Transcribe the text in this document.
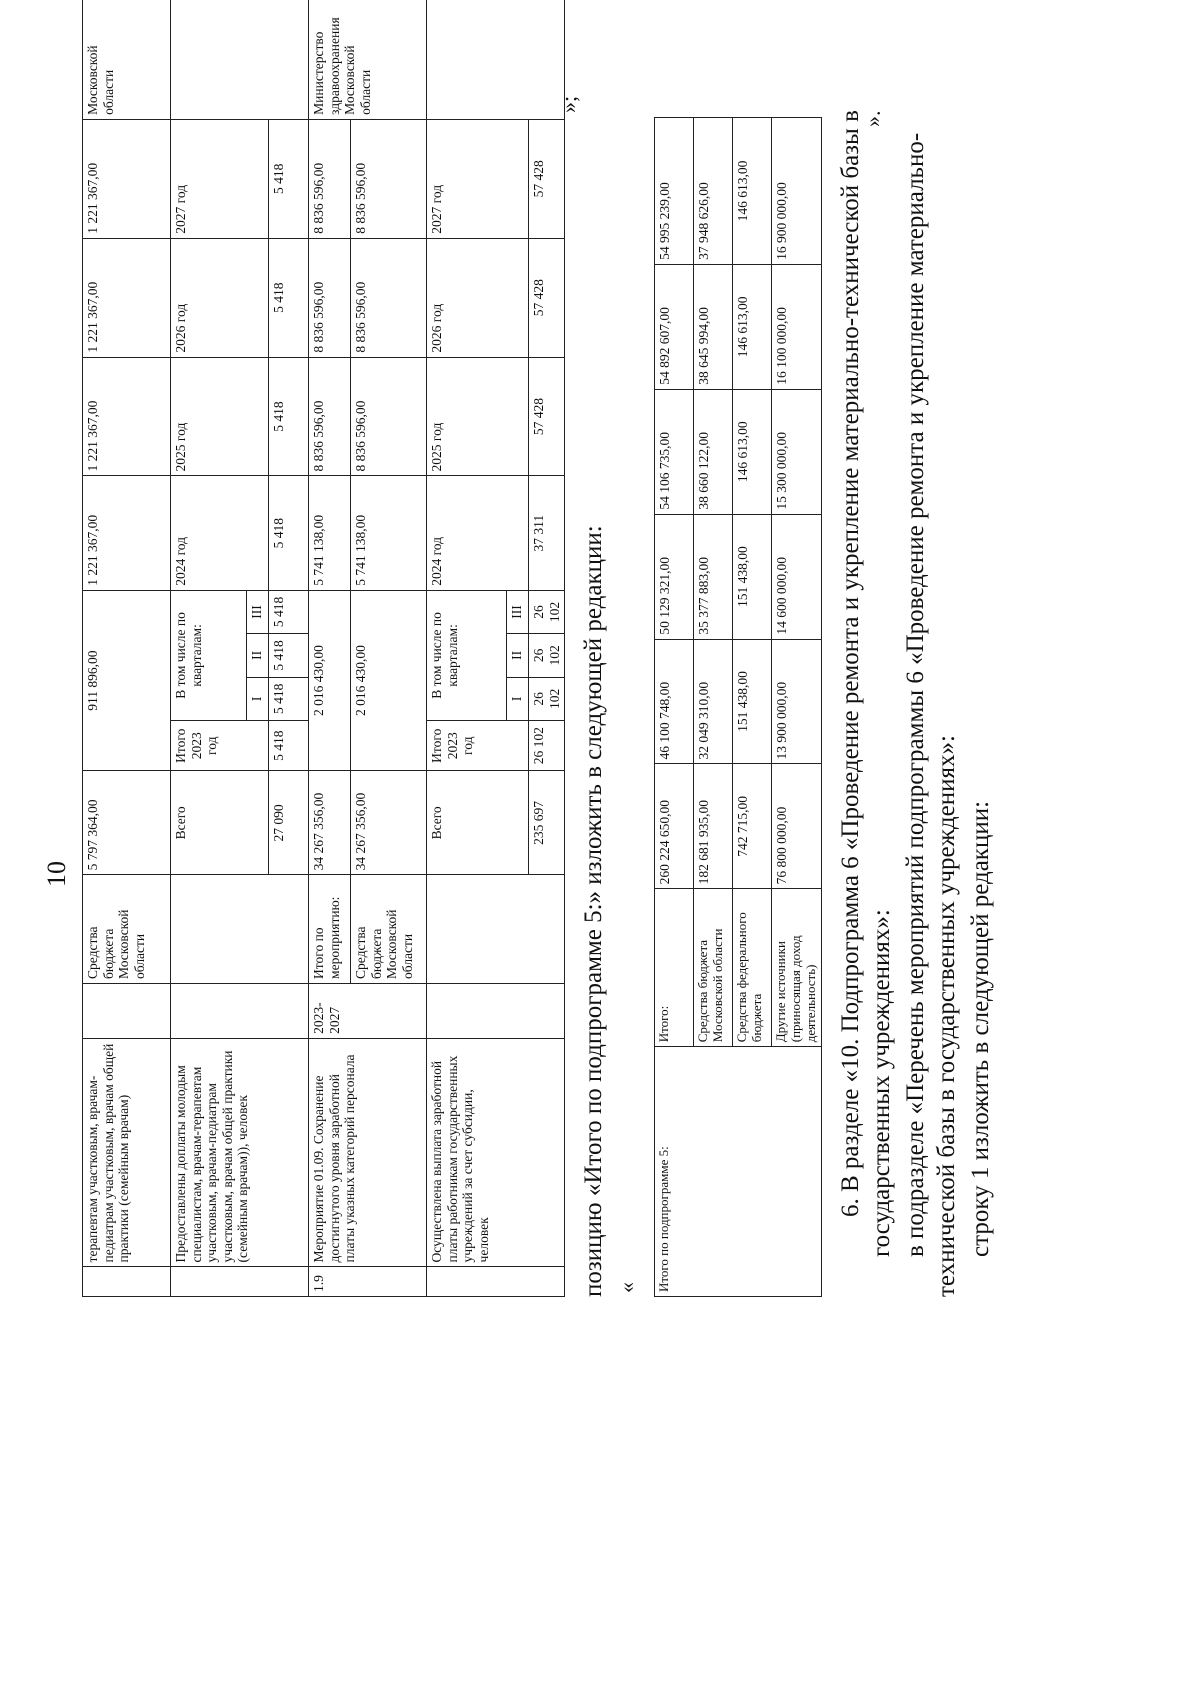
10
	терапевтам участковым, врачам-педиатрам участковым, врачам общей практики (семейным врачам)		Средства бюджета Московской области	5 797 364,00	911 896,00				1 221 367,00	1 221 367,00	1 221 367,00	1 221 367,00	Московской области
	Предоставлены доплаты молодым специалистам, врачам-терапевтам участковым, врачам-педиатрам участковым, врачам общей практики (семейным врачам)), человек			Всего	Итого 2023 год	В том числе по кварталам:			2024 год	2025 год	2026 год	2027 год	
						I	II	III					
				27 090	5 418	5 418	5 418	5 418	5 418	5 418	5 418	5 418	
1.9	Мероприятие 01.09. Сохранение достигнутого уровня заработной платы указных категорий персонала	2023-2027	Итого по мероприятию:	34 267 356,00	2 016 430,00				5 741 138,00	8 836 596,00	8 836 596,00	8 836 596,00	Министерство здравоохранения Московской области
			Средства бюджета Московской области	34 267 356,00	2 016 430,00				5 741 138,00	8 836 596,00	8 836 596,00	8 836 596,00	
	Осуществлена выплата заработной платы работникам государственных учреждений за счет субсидии, человек			Всего	Итого 2023 год	В том числе по кварталам:			2024 год	2025 год	2026 год	2027 год	
						I	II	III					
				235 697	26 102	26 102	26 102	26 102	37 311	57 428	57 428	57 428	
»;
позицию «Итого по подпрограмме 5:» изложить в следующей редакции: « Итого по подпрограмме 5:	Итого:	260 224 650,00	46 100 748,00	50 129 321,00	54 106 735,00	54 892 607,00	54 995 239,00
	Средства бюджета Московской области	182 681 935,00	32 049 310,00	35 377 883,00	38 660 122,00	38 645 994,00	37 948 626,00
	Средства федерального бюджета	742 715,00	151 438,00	151 438,00	146 613,00	146 613,00	146 613,00
	Другие источники (приносящая доход деятельность)	76 800 000,00	13 900 000,00	14 600 000,00	15 300 000,00	16 100 000,00	16 900 000,00
».
6. В разделе «10. Подпрограмма 6 «Проведение ремонта и укрепление материально-технической базы в государственных учреждениях»: в подразделе «Перечень мероприятий подпрограммы 6 «Проведение ремонта и укрепление материально-технической базы в государственных учреждениях»: строку 1 изложить в следующей редакции:
